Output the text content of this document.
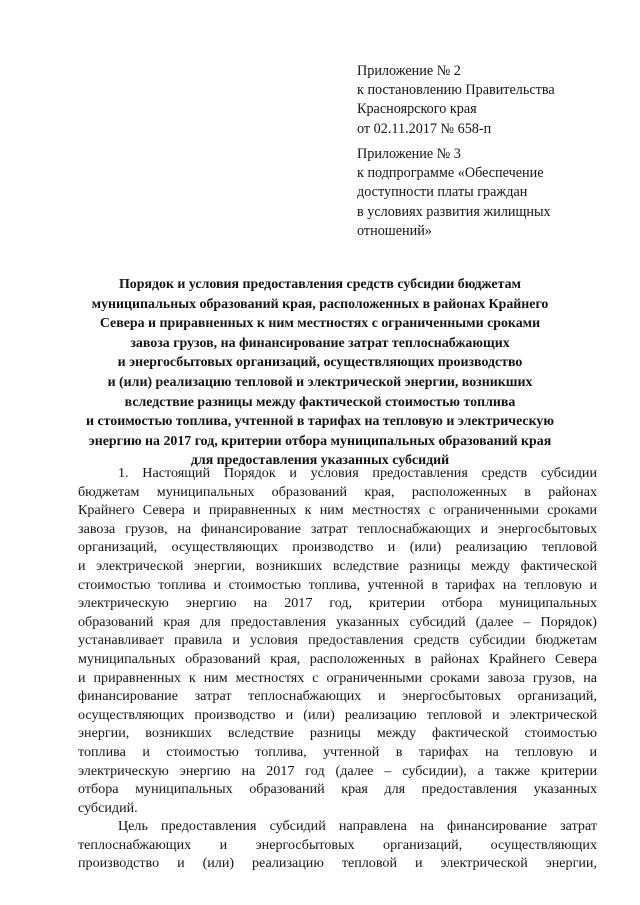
Приложение № 2
к постановлению Правительства
Красноярского края
от 02.11.2017 № 658-п
Приложение № 3
к подпрограмме «Обеспечение
доступности платы граждан
в условиях развития жилищных
отношений»
Порядок и условия предоставления средств субсидии бюджетам
муниципальных образований края, расположенных в районах Крайнего
Севера и приравненных к ним местностях с ограниченными сроками
завоза грузов, на финансирование затрат теплоснабжающих
и энергосбытовых организаций, осуществляющих производство
и (или) реализацию тепловой и электрической энергии, возникших
вследствие разницы между фактической стоимостью топлива
и стоимостью топлива, учтенной в тарифах на тепловую и электрическую
энергию на 2017 год, критерии отбора муниципальных образований края
для предоставления указанных субсидий
1. Настоящий Порядок и условия предоставления средств субсидии
бюджетам муниципальных образований края, расположенных в районах
Крайнего Севера и приравненных к ним местностях с ограниченными сроками
завоза грузов, на финансирование затрат теплоснабжающих и энергосбытовых
организаций, осуществляющих производство и (или) реализацию тепловой
и электрической энергии, возникших вследствие разницы между фактической
стоимостью топлива и стоимостью топлива, учтенной в тарифах на тепловую и
электрическую энергию на 2017 год, критерии отбора муниципальных
образований края для предоставления указанных субсидий (далее – Порядок)
устанавливает правила и условия предоставления средств субсидии бюджетам
муниципальных образований края, расположенных в районах Крайнего Севера
и приравненных к ним местностях с ограниченными сроками завоза грузов, на
финансирование затрат теплоснабжающих и энергосбытовых организаций,
осуществляющих производство и (или) реализацию тепловой и электрической
энергии, возникших вследствие разницы между фактической стоимостью
топлива и стоимостью топлива, учтенной в тарифах на тепловую и
электрическую энергию на 2017 год (далее – субсидии), а также критерии
отбора муниципальных образований края для предоставления указанных
субсидий.
Цель предоставления субсидий направлена на финансирование затрат
теплоснабжающих и энергосбытовых организаций, осуществляющих
производство и (или) реализацию тепловой и электрической энергии,
